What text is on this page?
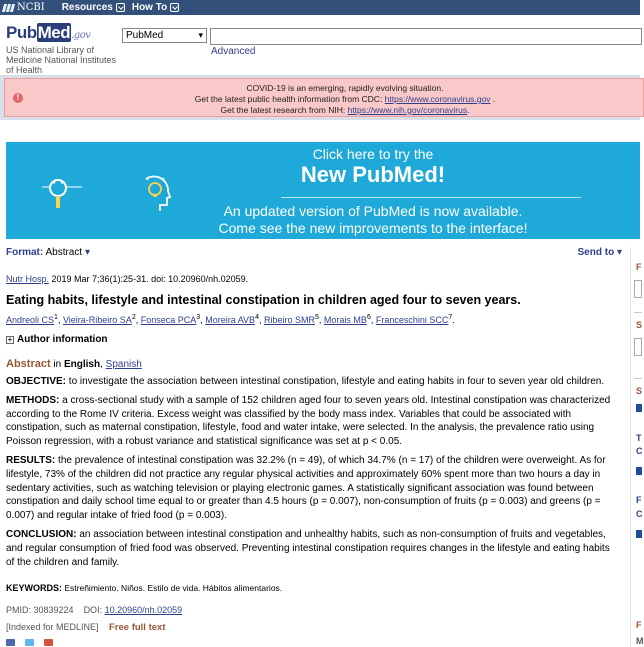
NCBI Resources How To
PubMed.gov
US National Library of
Medicine National Institutes
of Health
PubMed ▾
Advanced
!
COVID-19 is an emerging, rapidly evolving situation.
Get the latest public health information from CDC: https://www.coronavirus.gov .
Get the latest research from NIH: https://www.nih.gov/coronavirus.
Click here to try the
New PubMed!
An updated version of PubMed is now available.
Come see the new improvements to the interface!
Format: Abstract ▾	Send to ▾
Nutr Hosp. 2019 Mar 7;36(1):25-31. doi: 10.20960/nh.02059.
Eating habits, lifestyle and intestinal constipation in children aged four to seven years.
Andreoli $CS^1$, Vieira-Ribeiro $SA^2$, Fonseca PCA$^3$, Moreira AVB$^4$, Ribeiro SMR$^5$, Morais $MB^6$, Franceschini $SCC^7$.
+ Author information
Abstract in English, Spanish

OBJECTIVE: to investigate the association between intestinal constipation, lifestyle and eating habits in four to seven year old children.

METHODS: a cross-sectional study with a sample of 152 children aged four to seven years old. Intestinal constipation was characterized according to the Rome IV criteria. Excess weight was classified by the body mass index. Variables that could be associated with constipation, such as maternal constipation, lifestyle, food and water intake, were selected. In the analysis, the prevalence ratio using Poisson regression, with a robust variance and statistical significance was set at p < 0.05.

RESULTS: the prevalence of intestinal constipation was 32.2% (n = 49), of which 34.7% (n = 17) of the children were overweight. As for lifestyle, 73% of the children did not practice any regular physical activities and approximately 60% spent more than two hours a day in sedentary activities, such as watching television or playing electronic games. A statistically significant association was found between constipation and daily school time equal to or greater than 4.5 hours (p = 0.007), non-consumption of fruits (p = 0.003) and greens (p = 0.007) and regular intake of fried food (p = 0.003).

CONCLUSION: an association between intestinal constipation and unhealthy habits, such as non-consumption of fruits and vegetables, and regular consumption of fried food was observed. Preventing intestinal constipation requires changes in the lifestyle and eating habits of the children and family.

KEYWORDS: Estreñimiento. Niños. Estilo de vida. Hábitos alimentarios.
PMID: 30839224 DOI: 10.20960/nh.02059
[Indexed for MEDLINE] Free full text
F
S
S
T
C
F
C
F
M
